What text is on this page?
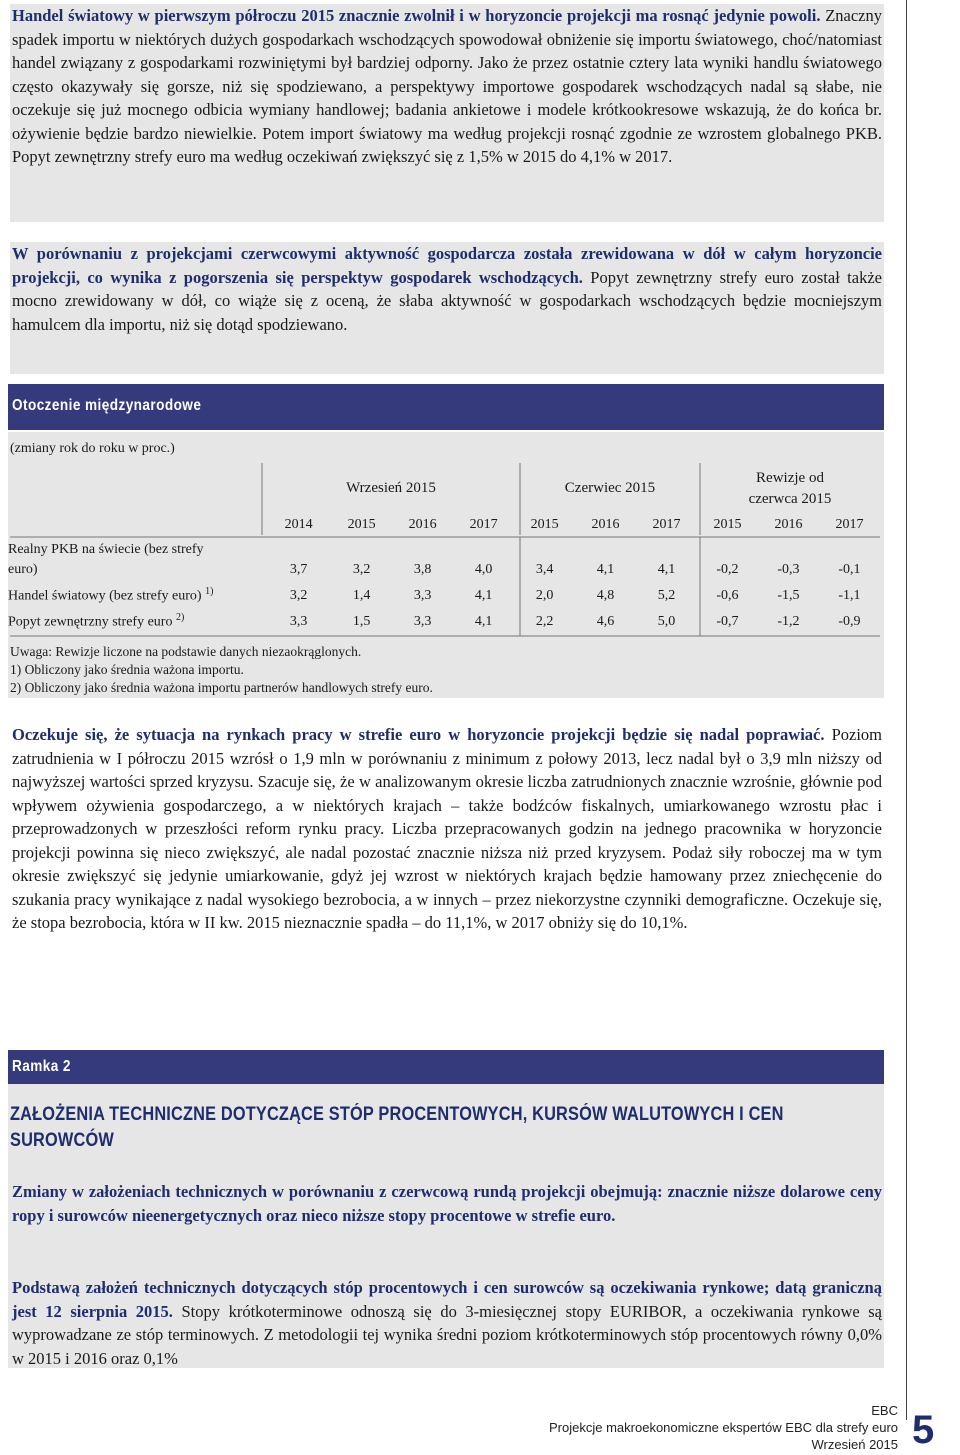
Handel światowy w pierwszym półroczu 2015 znacznie zwolnił i w horyzoncie projekcji ma rosnąć jedynie powoli. Znaczny spadek importu w niektórych dużych gospodarkach wschodzących spowodował obniżenie się importu światowego, choć/natomiast handel związany z gospodarkami rozwiniętymi był bardziej odporny. Jako że przez ostatnie cztery lata wyniki handlu światowego często okazywały się gorsze, niż się spodziewano, a perspektywy importowe gospodarek wschodzących nadal są słabe, nie oczekuje się już mocnego odbicia wymiany handlowej; badania ankietowe i modele krótkookresowe wskazują, że do końca br. ożywienie będzie bardzo niewielkie. Potem import światowy ma według projekcji rosnąć zgodnie ze wzrostem globalnego PKB. Popyt zewnętrzny strefy euro ma według oczekiwań zwiększyć się z 1,5% w 2015 do 4,1% w 2017.
W porównaniu z projekcjami czerwcowymi aktywność gospodarcza została zrewidowana w dół w całym horyzoncie projekcji, co wynika z pogorszenia się perspektyw gospodarek wschodzących. Popyt zewnętrzny strefy euro został także mocno zrewidowany w dół, co wiąże się z oceną, że słaba aktywność w gospodarkach wschodzących będzie mocniejszym hamulcem dla importu, niż się dotąd spodziewano.
Otoczenie międzynarodowe
(zmiany rok do roku w proc.)
Wrzesień 2015	Czerwiec 2015
Rewizje od
czerwca 2015
	2014	2015	2016	2017	2015	2016	2017	2015	2016	2017
Realny PKB na świecie (bez strefy										
euro)	3,7	3,2	3,8	4,0	3,4	4,1	4,1	-0,2	-0,3	-0,1
Handel światowy (bez strefy euro) $^{1)}$	3,2	1,4	3,3	4,1	2,0	4,8	5,2	-0,6	-1,5	-1,1
Popyt zewnętrzny strefy euro $^{2)}$	3,3	1,5	3,3	4,1	2,2	4,6	5,0	-0,7	-1,2	-0,9
Uwaga: Rewizje liczone na podstawie danych niezaokrąglonych.
1) Obliczony jako średnia ważona importu.
2) Obliczony jako średnia ważona importu partnerów handlowych strefy euro.
Oczekuje się, że sytuacja na rynkach pracy w strefie euro w horyzoncie projekcji będzie się nadal poprawiać. Poziom zatrudnienia w I półroczu 2015 wzrósł o 1,9 mln w porównaniu z minimum z połowy 2013, lecz nadal był o 3,9 mln niższy od najwyższej wartości sprzed kryzysu. Szacuje się, że w analizowanym okresie liczba zatrudnionych znacznie wzrośnie, głównie pod wpływem ożywienia gospodarczego, a w niektórych krajach – także bodźców fiskalnych, umiarkowanego wzrostu płac i przeprowadzonych w przeszłości reform rynku pracy. Liczba przepracowanych godzin na jednego pracownika w horyzoncie projekcji powinna się nieco zwiększyć, ale nadal pozostać znacznie niższa niż przed kryzysem. Podaż siły roboczej ma w tym okresie zwiększyć się jedynie umiarkowanie, gdyż jej wzrost w niektórych krajach będzie hamowany przez zniechęcenie do szukania pracy wynikające z nadal wysokiego bezrobocia, a w innych – przez niekorzystne czynniki demograficzne. Oczekuje się, że stopa bezrobocia, która w II kw. 2015 nieznacznie spadła – do 11,1%, w 2017 obniży się do 10,1%.
Ramka 2
ZAŁOŻENIA TECHNICZNE DOTYCZĄCE STÓP PROCENTOWYCH, KURSÓW WALUTOWYCH I CEN SUROWCÓW
Zmiany w założeniach technicznych w porównaniu z czerwcową rundą projekcji obejmują: znacznie niższe dolarowe ceny ropy i surowców nieenergetycznych oraz nieco niższe stopy procentowe w strefie euro.
Podstawą założeń technicznych dotyczących stóp procentowych i cen surowców są oczekiwania rynkowe; datą graniczną jest 12 sierpnia 2015. Stopy krótkoterminowe odnoszą się do 3-miesięcznej stopy EURIBOR, a oczekiwania rynkowe są wyprowadzane ze stóp terminowych. Z metodologii tej wynika średni poziom krótkoterminowych stóp procentowych równy 0,0% w 2015 i 2016 oraz 0,1%
EBC
Projekcje makroekonomiczne ekspertów EBC dla strefy euro
Wrzesień 2015 5
